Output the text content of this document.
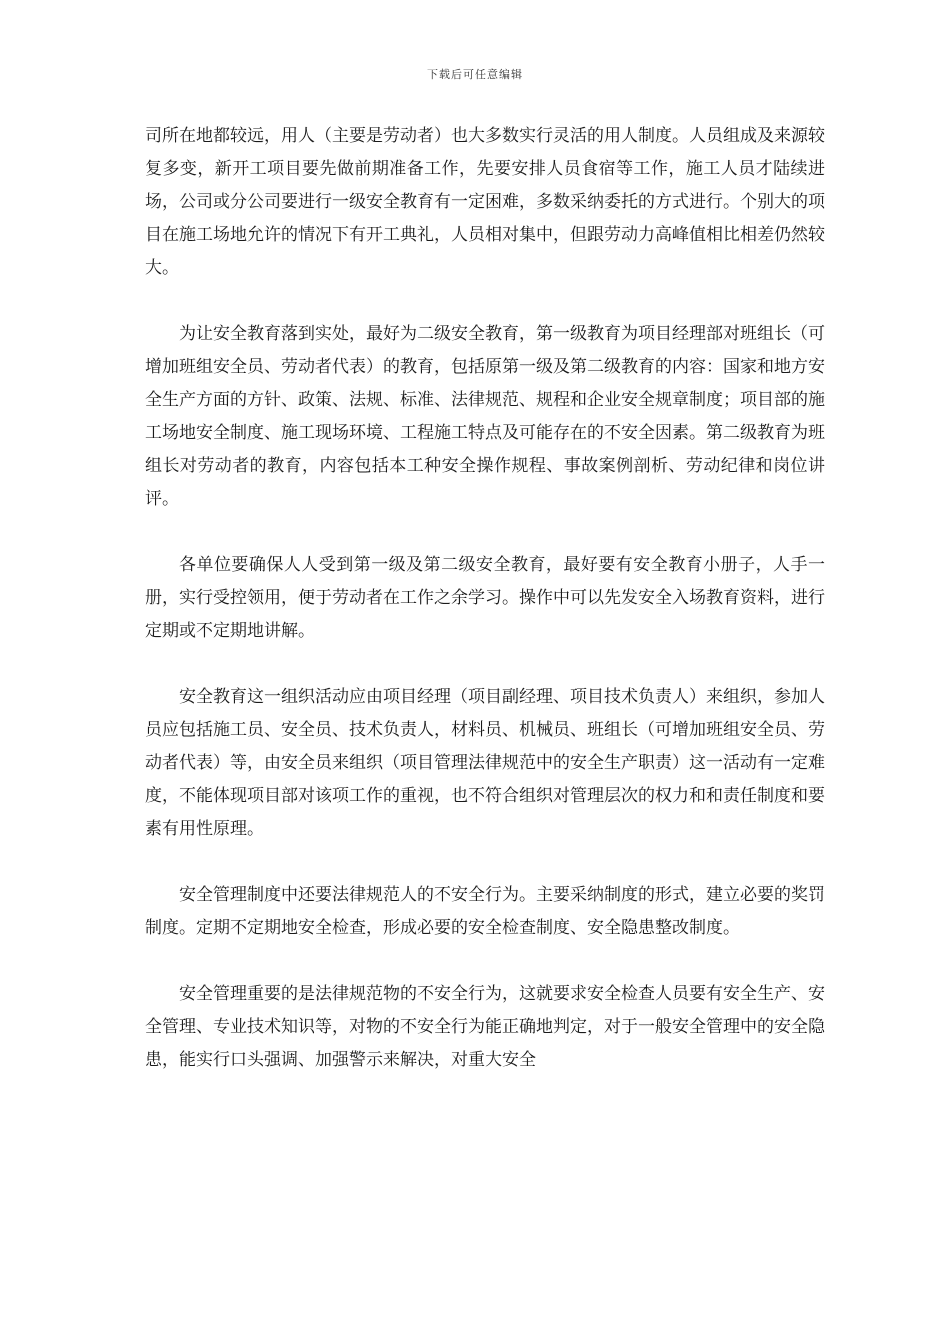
下载后可任意编辑

司所在地都较远，用人（主要是劳动者）也大多数实行灵活的用人制度。人员组成及来源较复多变，新开工项目要先做前期准备工作，先要安排人员食宿等工作，施工人员才陆续进场，公司或分公司要进行一级安全教育有一定困难，多数采纳委托的方式进行。个别大的项目在施工场地允许的情况下有开工典礼，人员相对集中，但跟劳动力高峰值相比相差仍然较大。

为让安全教育落到实处，最好为二级安全教育，第一级教育为项目经理部对班组长（可增加班组安全员、劳动者代表）的教育，包括原第一级及第二级教育的内容：国家和地方安全生产方面的方针、政策、法规、标准、法律规范、规程和企业安全规章制度；项目部的施工场地安全制度、施工现场环境、工程施工特点及可能存在的不安全因素。第二级教育为班组长对劳动者的教育，内容包括本工种安全操作规程、事故案例剖析、劳动纪律和岗位讲评。

各单位要确保人人受到第一级及第二级安全教育，最好要有安全教育小册子，人手一册，实行受控领用，便于劳动者在工作之余学习。操作中可以先发安全入场教育资料，进行定期或不定期地讲解。

安全教育这一组织活动应由项目经理（项目副经理、项目技术负责人）来组织，参加人员应包括施工员、安全员、技术负责人，材料员、机械员、班组长（可增加班组安全员、劳动者代表）等，由安全员来组织（项目管理法律规范中的安全生产职责）这一活动有一定难度，不能体现项目部对该项工作的重视，也不符合组织对管理层次的权力和和责任制度和要素有用性原理。

安全管理制度中还要法律规范人的不安全行为。主要采纳制度的形式，建立必要的奖罚制度。定期不定期地安全检查，形成必要的安全检查制度、安全隐患整改制度。

安全管理重要的是法律规范物的不安全行为，这就要求安全检查人员要有安全生产、安全管理、专业技术知识等，对物的不安全行为能正确地判定，对于一般安全管理中的安全隐患，能实行口头强调、加强警示来解决，对重大安全
